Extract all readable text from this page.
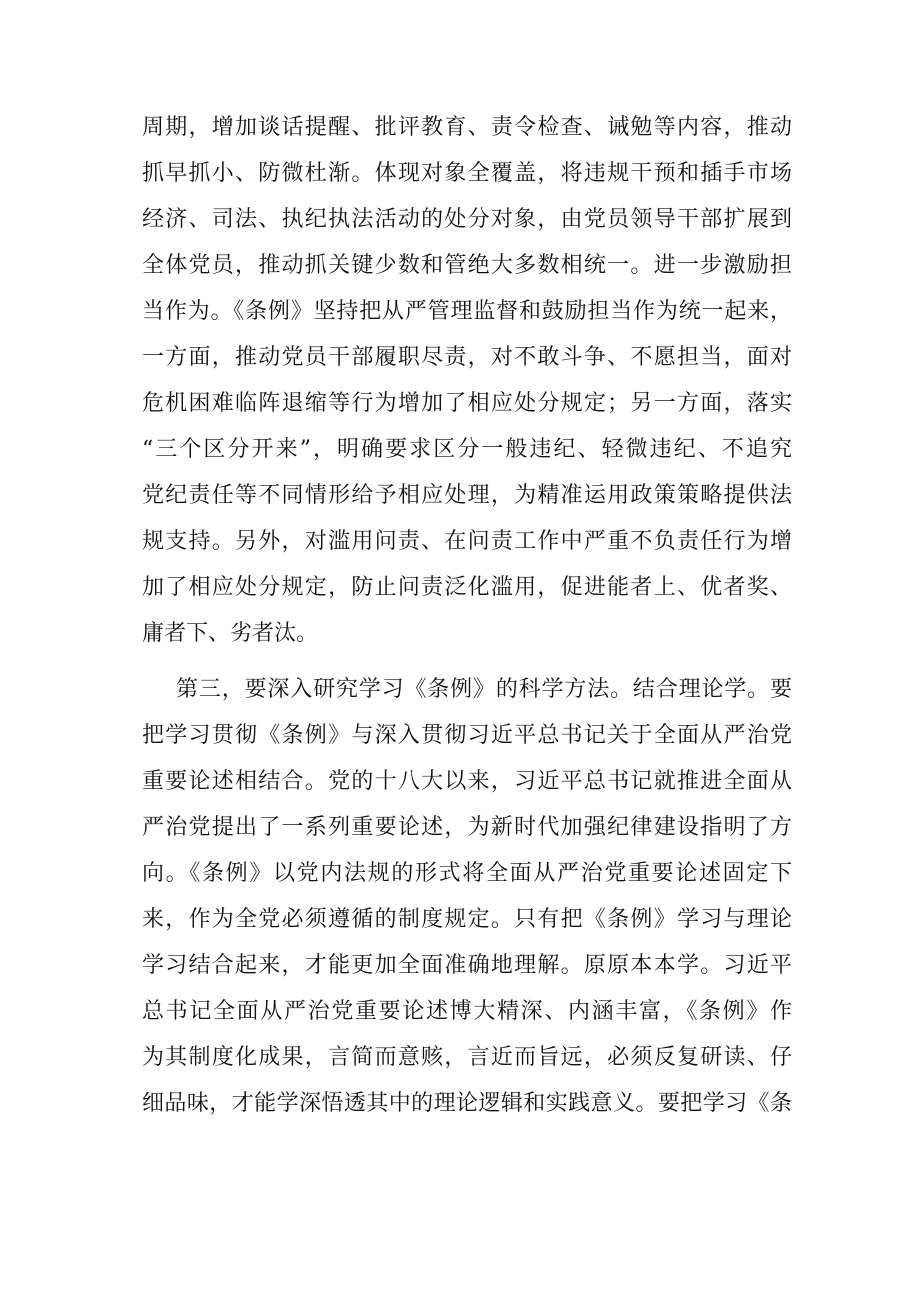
周期，增加谈话提醒、批评教育、责令检查、诫勉等内容，推动
抓早抓小、防微杜渐。体现对象全覆盖，将违规干预和插手市场
经济、司法、执纪执法活动的处分对象，由党员领导干部扩展到
全体党员，推动抓关键少数和管绝大多数相统一。进一步激励担
当作为。《条例》坚持把从严管理监督和鼓励担当作为统一起来，
一方面，推动党员干部履职尽责，对不敢斗争、不愿担当，面对
危机困难临阵退缩等行为增加了相应处分规定；另一方面，落实
“三个区分开来”，明确要求区分一般违纪、轻微违纪、不追究
党纪责任等不同情形给予相应处理，为精准运用政策策略提供法
规支持。另外，对滥用问责、在问责工作中严重不负责任行为增
加了相应处分规定，防止问责泛化滥用，促进能者上、优者奖、
庸者下、劣者汰。
第三，要深入研究学习《条例》的科学方法。结合理论学。要
把学习贯彻《条例》与深入贯彻习近平总书记关于全面从严治党
重要论述相结合。党的十八大以来，习近平总书记就推进全面从
严治党提出了一系列重要论述，为新时代加强纪律建设指明了方
向。《条例》以党内法规的形式将全面从严治党重要论述固定下
来，作为全党必须遵循的制度规定。只有把《条例》学习与理论
学习结合起来，才能更加全面准确地理解。原原本本学。习近平
总书记全面从严治党重要论述博大精深、内涵丰富，《条例》作
为其制度化成果，言简而意赅，言近而旨远，必须反复研读、仔
细品味，才能学深悟透其中的理论逻辑和实践意义。要把学习《条
